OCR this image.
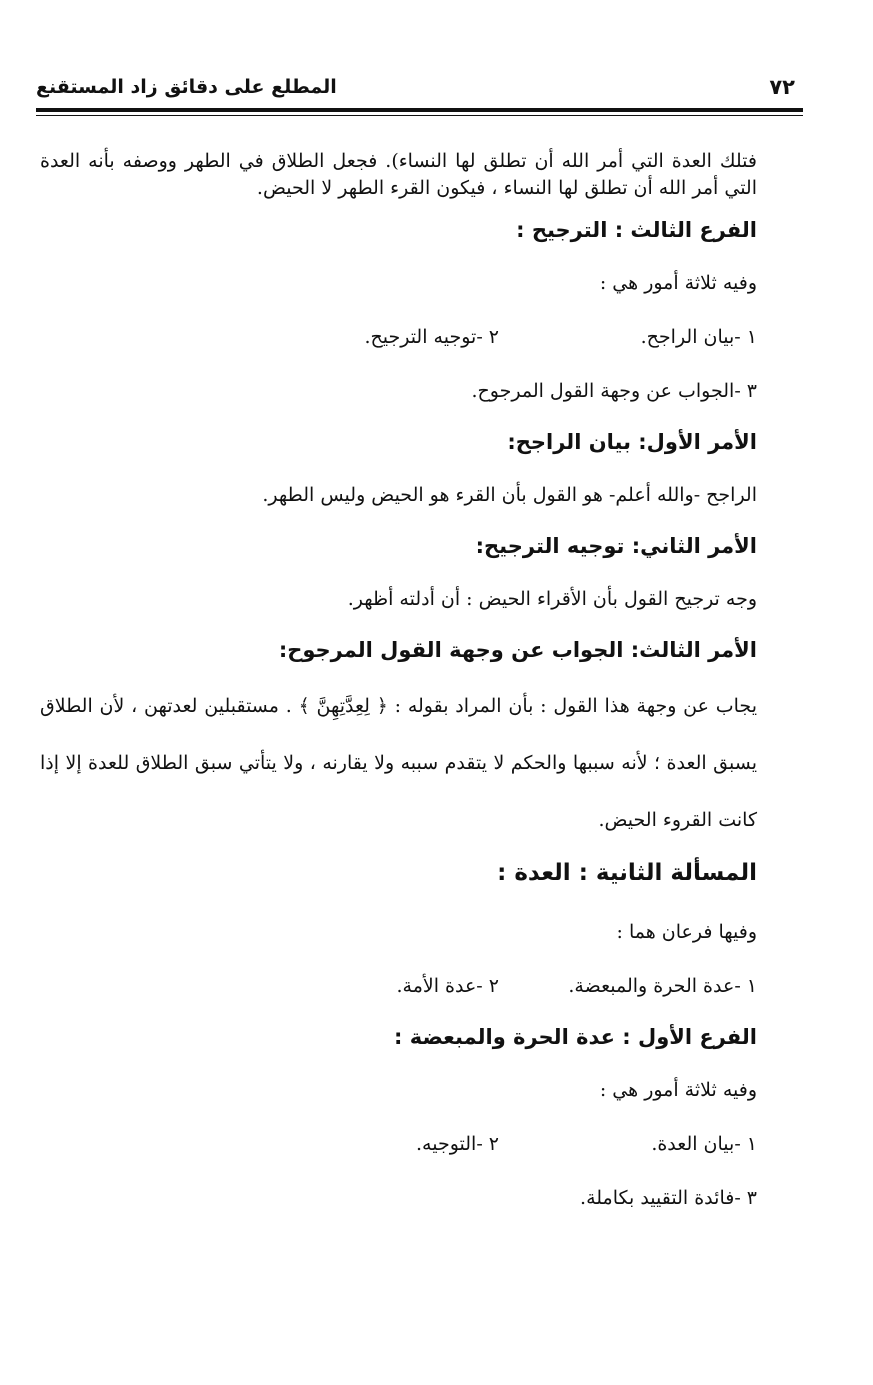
٧٢
المطلع على دقائق زاد المستقنع

فتلك العدة التي أمر الله أن تطلق لها النساء). فجعل الطلاق في الطهر ووصفه بأنه العدة التي أمر الله أن تطلق لها النساء ، فيكون القرء الطهر لا الحيض.

الفرع الثالث : الترجيح :
وفيه ثلاثة أمور هي :
١ -بيان الراجح.
٢ -توجيه الترجيح.
٣ -الجواب عن وجهة القول المرجوح.
الأمر الأول: بيان الراجح:
الراجح -والله أعلم- هو القول بأن القرء هو الحيض وليس الطهر.
الأمر الثاني: توجيه الترجيح:
وجه ترجيح القول بأن الأقراء الحيض : أن أدلته أظهر.
الأمر الثالث: الجواب عن وجهة القول المرجوح:

يجاب عن وجهة هذا القول : بأن المراد بقوله : ﴿ لِعِدَّتِهِنَّ ﴾ . مستقبلين لعدتهن ، لأن الطلاق يسبق العدة ؛ لأنه سببها والحكم لا يتقدم سببه ولا يقارنه ، ولا يتأتي سبق الطلاق للعدة إلا إذا كانت القروء الحيض.

المسألة الثانية : العدة :
وفيها فرعان هما :
١ -عدة الحرة والمبعضة.
٢ -عدة الأمة.
الفرع الأول : عدة الحرة والمبعضة :
وفيه ثلاثة أمور هي :
١ -بيان العدة.
٢ -التوجيه.
٣ -فائدة التقييد بكاملة.
